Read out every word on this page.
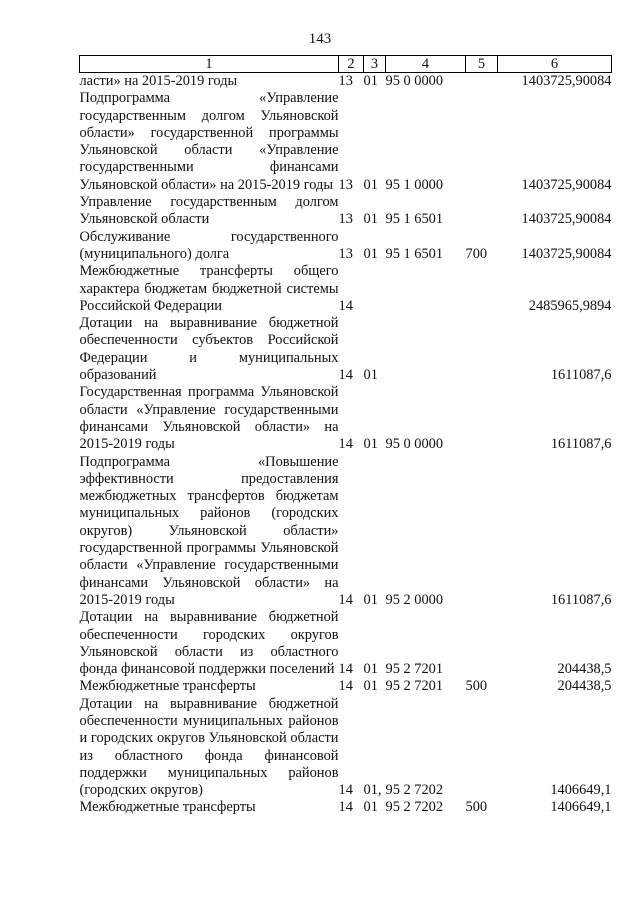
143
1	2	3	4	5	6
ласти» на 2015-2019 годы	13	01	95 0 0000		1403725,90084
Подпрограмма «Управление государственным долгом Ульяновской области» государственной программы Ульяновской области «Управление государственными финансами Ульяновской области» на 2015-2019 годы	13	01	95 1 0000		1403725,90084
Управление государственным долгом Ульяновской области	13	01	95 1 6501		1403725,90084
Обслуживание государственного (муниципального) долга	13	01	95 1 6501	700	1403725,90084
Межбюджетные трансферты общего характера бюджетам бюджетной системы Российской Федерации	14				2485965,9894
Дотации на выравнивание бюджетной обеспеченности субъектов Российской Федерации и муниципальных образований	14	01			1611087,6
Государственная программа Ульяновской области «Управление государственными финансами Ульяновской области» на 2015-2019 годы	14	01	95 0 0000		1611087,6
Подпрограмма «Повышение эффективности предоставления межбюджетных трансфертов бюджетам муниципальных районов (городских округов) Ульяновской области» государственной программы Ульяновской области «Управление государственными финансами Ульяновской области» на 2015-2019 годы	14	01	95 2 0000		1611087,6
Дотации на выравнивание бюджетной обеспеченности городских округов Ульяновской области из областного фонда финансовой поддержки поселений	14	01	95 2 7201		204438,5
Межбюджетные трансферты	14	01	95 2 7201	500	204438,5
Дотации на выравнивание бюджетной обеспеченности муниципальных районов и городских округов Ульяновской области из областного фонда финансовой поддержки муниципальных районов (городских округов)	14	01,	95 2 7202		1406649,1
Межбюджетные трансферты	14	01	95 2 7202	500	1406649,1
